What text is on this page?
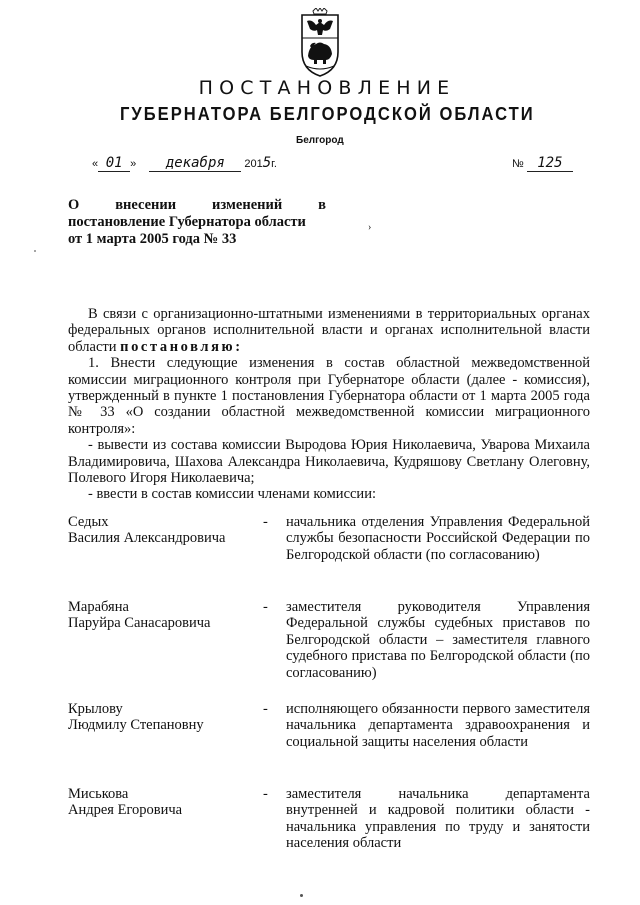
ПОСТАНОВЛЕНИЕ
ГУБЕРНАТОРА БЕЛГОРОДСКОЙ ОБЛАСТИ
Белгород
« 01 » декабря 2015г.	№ 125
О внесении изменений в
постановление Губернатора области
от 1 марта 2005 года № 33
›

В связи с организационно-штатными изменениями в территориальных органах федеральных органов исполнительной власти и органах исполнительной власти области постановляю:

1. Внести следующие изменения в состав областной межведомственной комиссии миграционного контроля при Губернаторе области (далее - комиссия), утвержденный в пункте 1 постановления Губернатора области от 1 марта 2005 года № 33 «О создании областной межведомственной комиссии миграционного контроля»:

- вывести из состава комиссии Выродова Юрия Николаевича, Уварова Михаила Владимировича, Шахова Александра Николаевича, Кудряшову Светлану Олеговну, Полевого Игоря Николаевича;

- ввести в состав комиссии членами комиссии:

Седых
Василия Александровича
- начальника отделения Управления Федеральной службы безопасности Российской Федерации по Белгородской области (по согласованию)
Марабяна
Паруйра Санасаровича
- заместителя руководителя Управления Федеральной службы судебных приставов по Белгородской области – заместителя главного судебного пристава по Белгородской области (по согласованию)
Крылову
Людмилу Степановну
- исполняющего обязанности первого заместителя начальника департамента здравоохранения и социальной защиты населения области
Миськова
Андрея Егоровича
- заместителя начальника департамента внутренней и кадровой политики области - начальника управления по труду и занятости населения области
